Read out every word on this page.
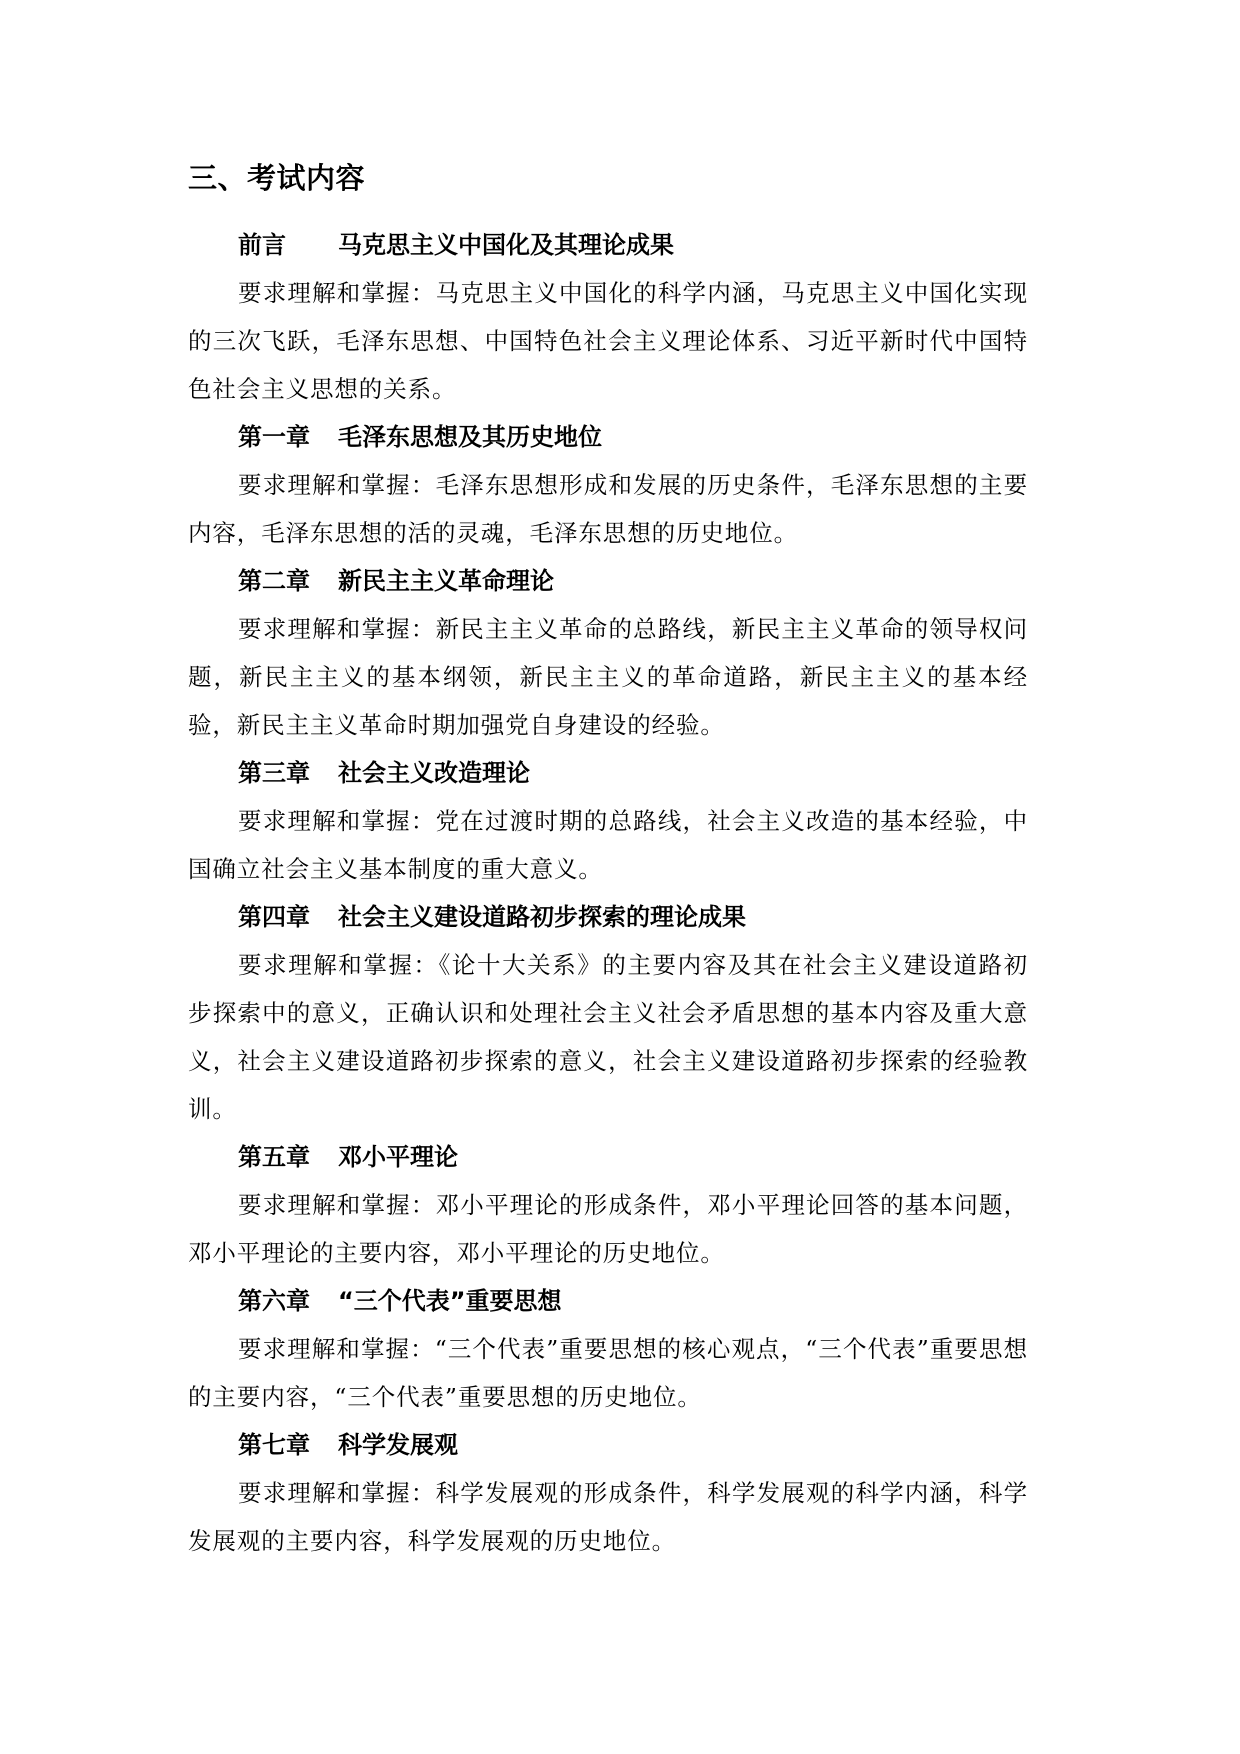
三、考试内容
前言 马克思主义中国化及其理论成果

要求理解和掌握：马克思主义中国化的科学内涵，马克思主义中国化实现的三次飞跃，毛泽东思想、中国特色社会主义理论体系、习近平新时代中国特色社会主义思想的关系。

第一章 毛泽东思想及其历史地位

要求理解和掌握：毛泽东思想形成和发展的历史条件，毛泽东思想的主要内容，毛泽东思想的活的灵魂，毛泽东思想的历史地位。

第二章 新民主主义革命理论

要求理解和掌握：新民主主义革命的总路线，新民主主义革命的领导权问题，新民主主义的基本纲领，新民主主义的革命道路，新民主主义的基本经验，新民主主义革命时期加强党自身建设的经验。

第三章 社会主义改造理论

要求理解和掌握：党在过渡时期的总路线，社会主义改造的基本经验，中国确立社会主义基本制度的重大意义。

第四章 社会主义建设道路初步探索的理论成果

要求理解和掌握：《论十大关系》的主要内容及其在社会主义建设道路初步探索中的意义，正确认识和处理社会主义社会矛盾思想的基本内容及重大意义，社会主义建设道路初步探索的意义，社会主义建设道路初步探索的经验教训。

第五章 邓小平理论

要求理解和掌握：邓小平理论的形成条件，邓小平理论回答的基本问题，邓小平理论的主要内容，邓小平理论的历史地位。

第六章 “三个代表”重要思想

要求理解和掌握：“三个代表”重要思想的核心观点，“三个代表”重要思想的主要内容，“三个代表”重要思想的历史地位。

第七章 科学发展观

要求理解和掌握：科学发展观的形成条件，科学发展观的科学内涵，科学发展观的主要内容，科学发展观的历史地位。
